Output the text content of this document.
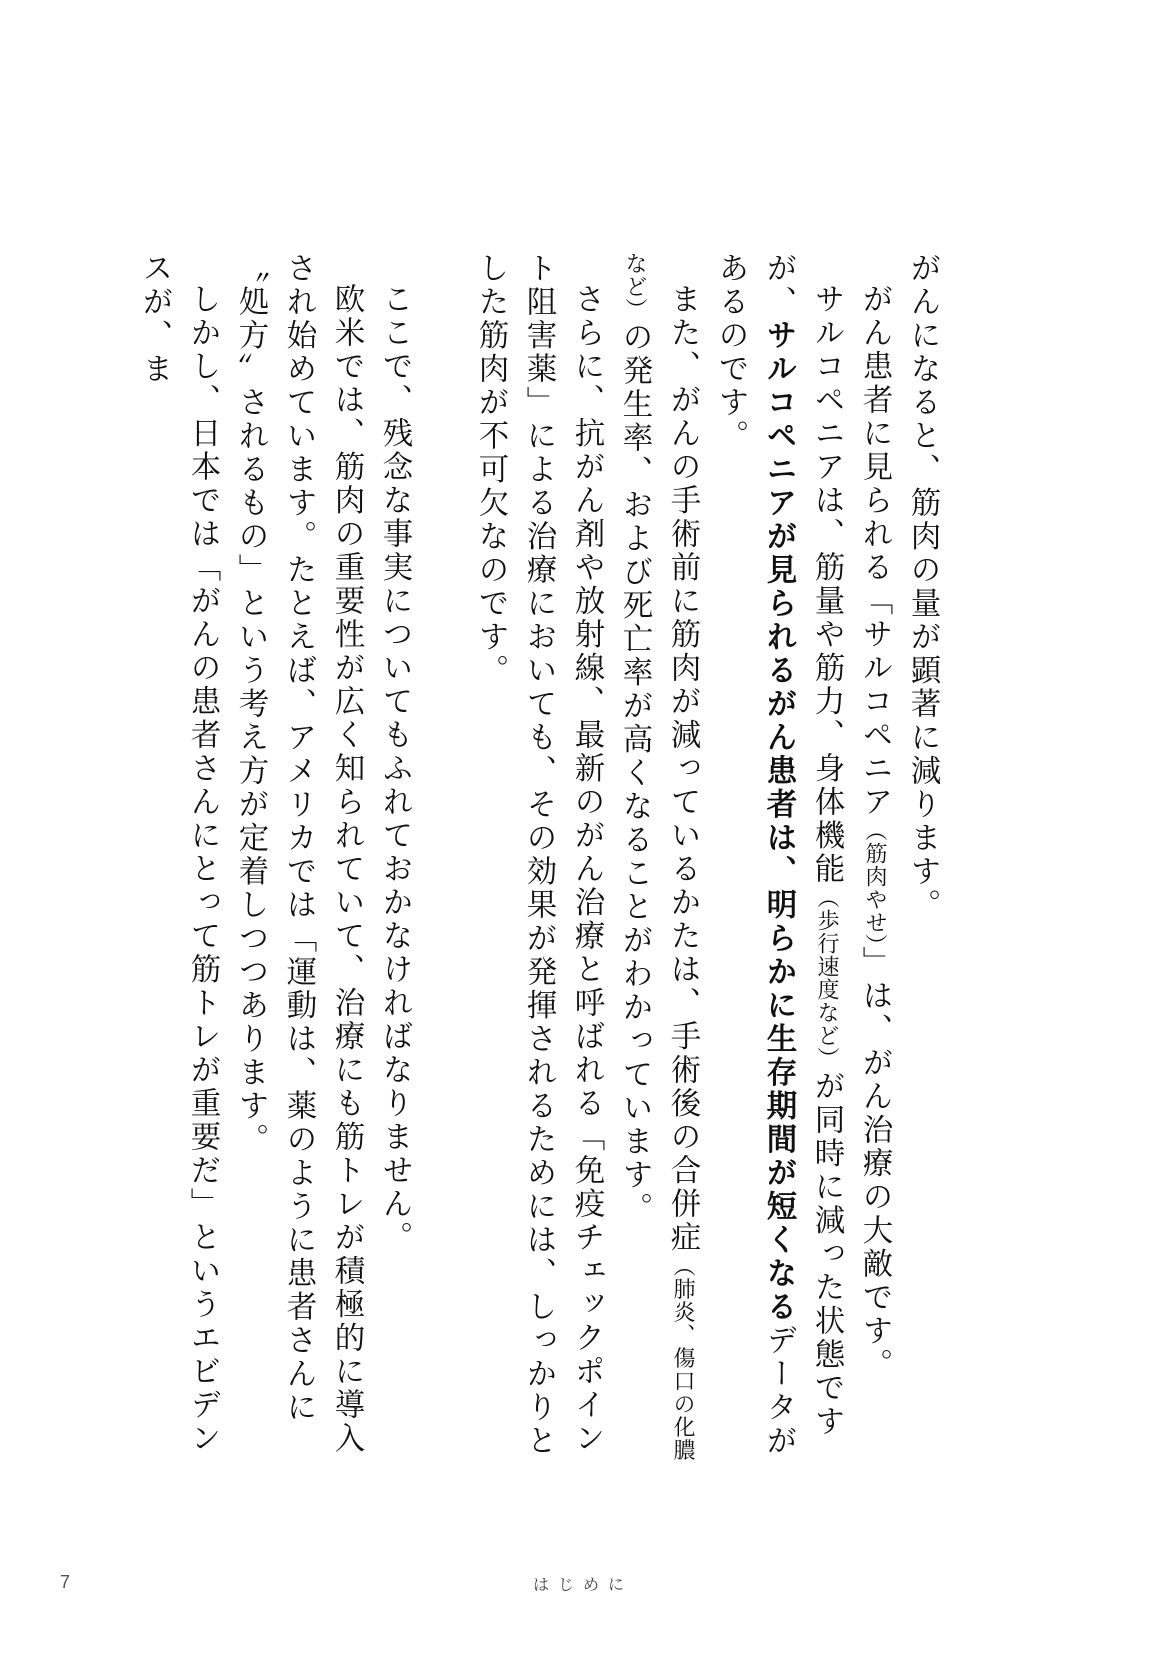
がんになると、筋肉の量が顕著に減ります。

がん患者に見られる「サルコペニア（筋肉やせ）」は、がん治療の大敵です。

サルコペニアは、筋量や筋力、身体機能（歩行速度など）が同時に減った状態ですが、サルコペニアが見られるがん患者は、明らかに生存期間が短くなるデータがあるのです。

また、がんの手術前に筋肉が減っているかたは、手術後の合併症（肺炎、傷口の化膿など）の発生率、および死亡率が高くなることがわかっています。

さらに、抗がん剤や放射線、最新のがん治療と呼ばれる「免疫チェックポイント阻害薬」による治療においても、その効果が発揮されるためには、しっかりとした筋肉が不可欠なのです。

ここで、残念な事実についてもふれておかなければなりません。

欧米では、筋肉の重要性が広く知られていて、治療にも筋トレが積極的に導入され始めています。たとえば、アメリカでは「運動は、薬のように患者さんに〝処方〟されるもの」という考え方が定着しつつあります。

しかし、日本では「がんの患者さんにとって筋トレが重要だ」というエビデンスが、ま

7	はじめに
